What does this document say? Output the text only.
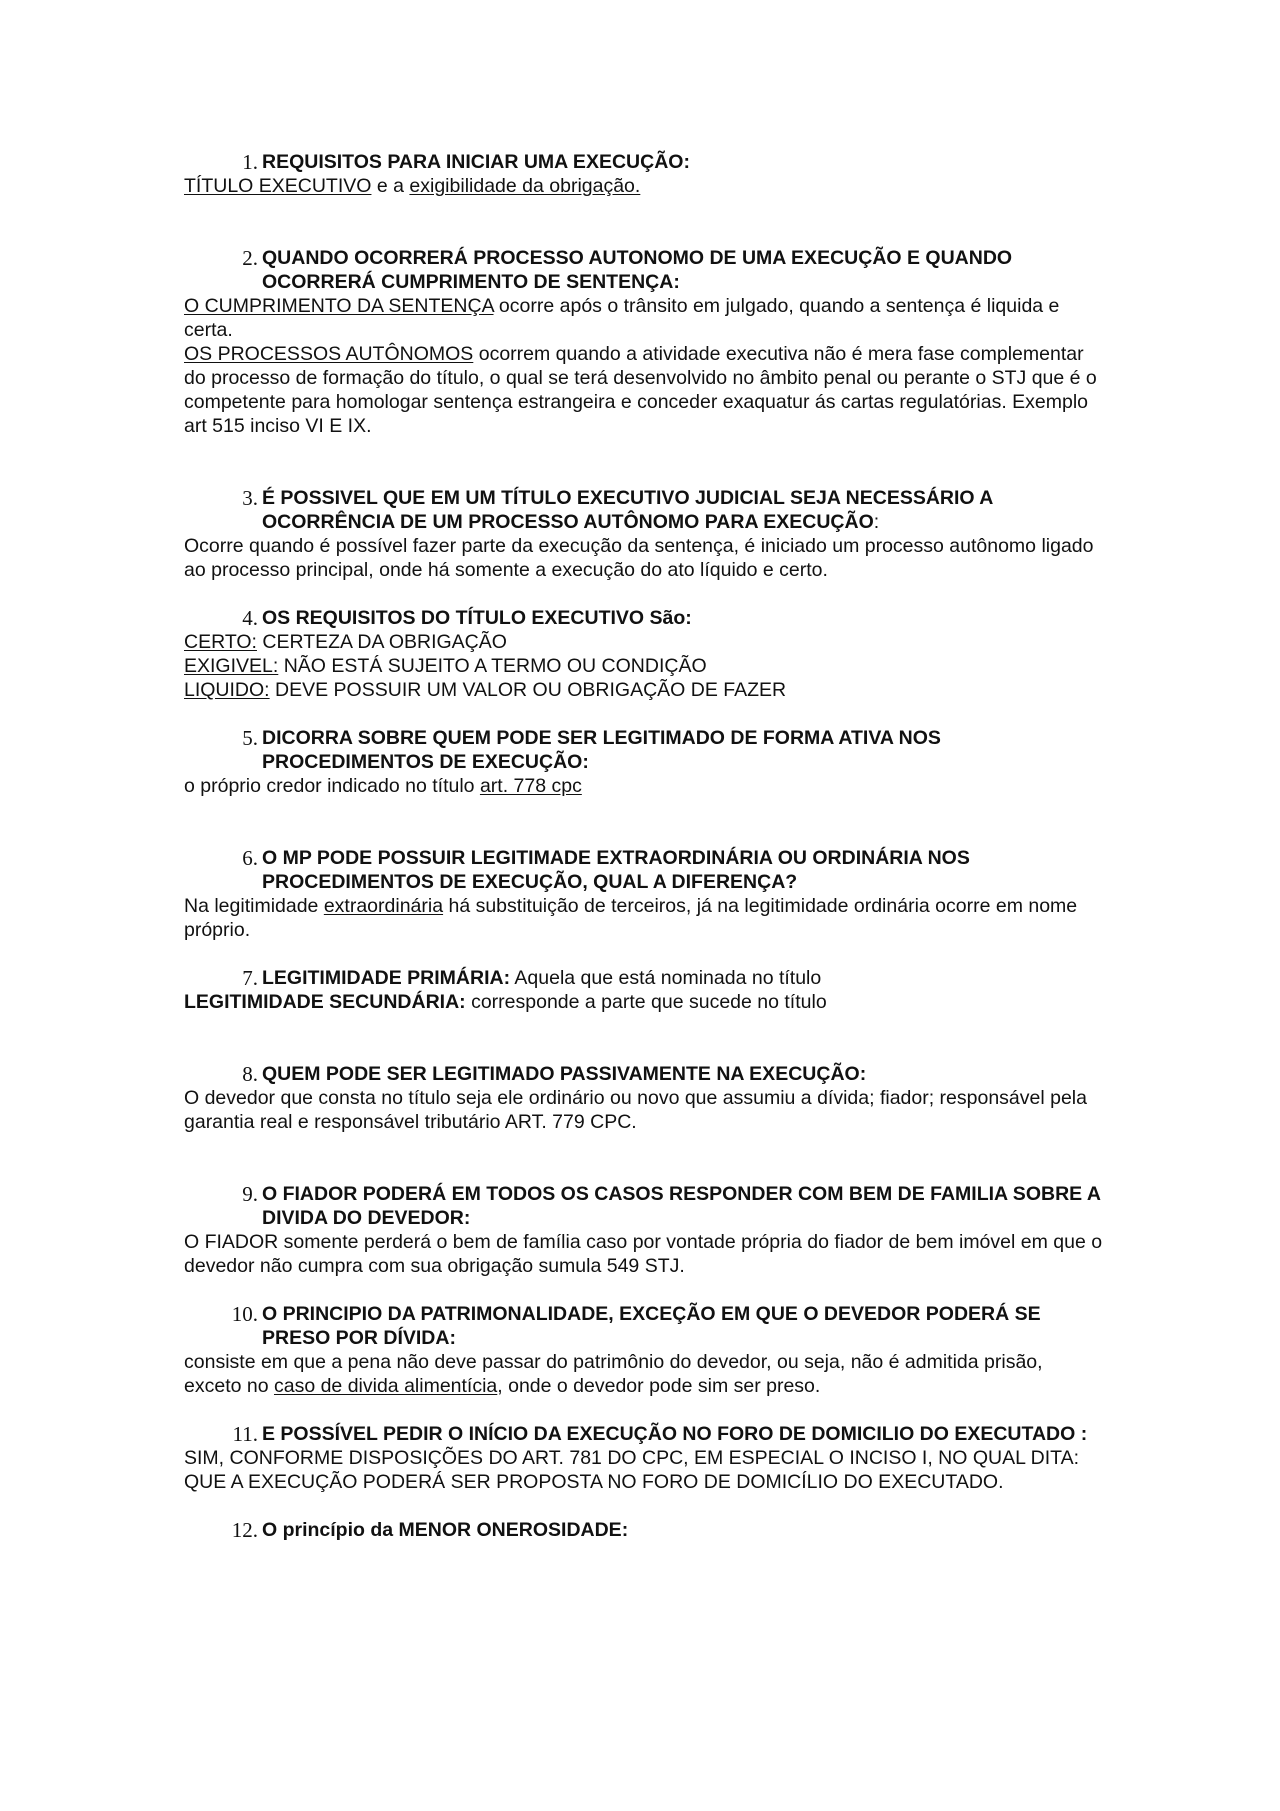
1. REQUISITOS PARA INICIAR UMA EXECUÇÃO:
TÍTULO EXECUTIVO e a exigibilidade da obrigação.
2. QUANDO OCORRERÁ PROCESSO AUTONOMO DE UMA EXECUÇÃO E QUANDO OCORRERÁ CUMPRIMENTO DE SENTENÇA:
O CUMPRIMENTO DA SENTENÇA ocorre após o trânsito em julgado, quando a sentença é liquida e certa.
OS PROCESSOS AUTÔNOMOS ocorrem quando a atividade executiva não é mera fase complementar do processo de formação do título, o qual se terá desenvolvido no âmbito penal ou perante o STJ que é o competente para homologar sentença estrangeira e conceder exaquatur ás cartas regulatórias. Exemplo art 515 inciso VI E IX.
3. É POSSIVEL QUE EM UM TÍTULO EXECUTIVO JUDICIAL SEJA NECESSÁRIO A OCORRÊNCIA DE UM PROCESSO AUTÔNOMO PARA EXECUÇÃO:
Ocorre quando é possível fazer parte da execução da sentença, é iniciado um processo autônomo ligado ao processo principal, onde há somente a execução do ato líquido e certo.
4. OS REQUISITOS DO TÍTULO EXECUTIVO São:
CERTO: CERTEZA DA OBRIGAÇÃO
EXIGIVEL: NÃO ESTÁ SUJEITO A TERMO OU CONDIÇÃO
LIQUIDO: DEVE POSSUIR UM VALOR OU OBRIGAÇÃO DE FAZER
5. DICORRA SOBRE QUEM PODE SER LEGITIMADO DE FORMA ATIVA NOS PROCEDIMENTOS DE EXECUÇÃO:
o próprio credor indicado no título art. 778 cpc
6. O MP PODE POSSUIR LEGITIMADE EXTRAORDINÁRIA OU ORDINÁRIA NOS PROCEDIMENTOS DE EXECUÇÃO, QUAL A DIFERENÇA?
Na legitimidade extraordinária há substituição de terceiros, já na legitimidade ordinária ocorre em nome próprio.
7. LEGITIMIDADE PRIMÁRIA: Aquela que está nominada no título
LEGITIMIDADE SECUNDÁRIA: corresponde a parte que sucede no título
8. QUEM PODE SER LEGITIMADO PASSIVAMENTE NA EXECUÇÃO:
O devedor que consta no título seja ele ordinário ou novo que assumiu a dívida; fiador; responsável pela garantia real e responsável tributário ART. 779 CPC.
9. O FIADOR PODERÁ EM TODOS OS CASOS RESPONDER COM BEM DE FAMILIA SOBRE A DIVIDA DO DEVEDOR:
O FIADOR somente perderá o bem de família caso por vontade própria do fiador de bem imóvel em que o devedor não cumpra com sua obrigação sumula 549 STJ.
10. O PRINCIPIO DA PATRIMONALIDADE, EXCEÇÃO EM QUE O DEVEDOR PODERÁ SE PRESO POR DÍVIDA:
consiste em que a pena não deve passar do patrimônio do devedor, ou seja, não é admitida prisão, exceto no caso de divida alimentícia, onde o devedor pode sim ser preso.
11. E POSSÍVEL PEDIR O INÍCIO DA EXECUÇÃO NO FORO DE DOMICILIO DO EXECUTADO :
SIM, CONFORME DISPOSIÇÕES DO ART. 781 DO CPC, EM ESPECIAL O INCISO I, NO QUAL DITA: QUE A EXECUÇÃO PODERÁ SER PROPOSTA NO FORO DE DOMICÍLIO DO EXECUTADO.
12. O princípio da MENOR ONEROSIDADE:
